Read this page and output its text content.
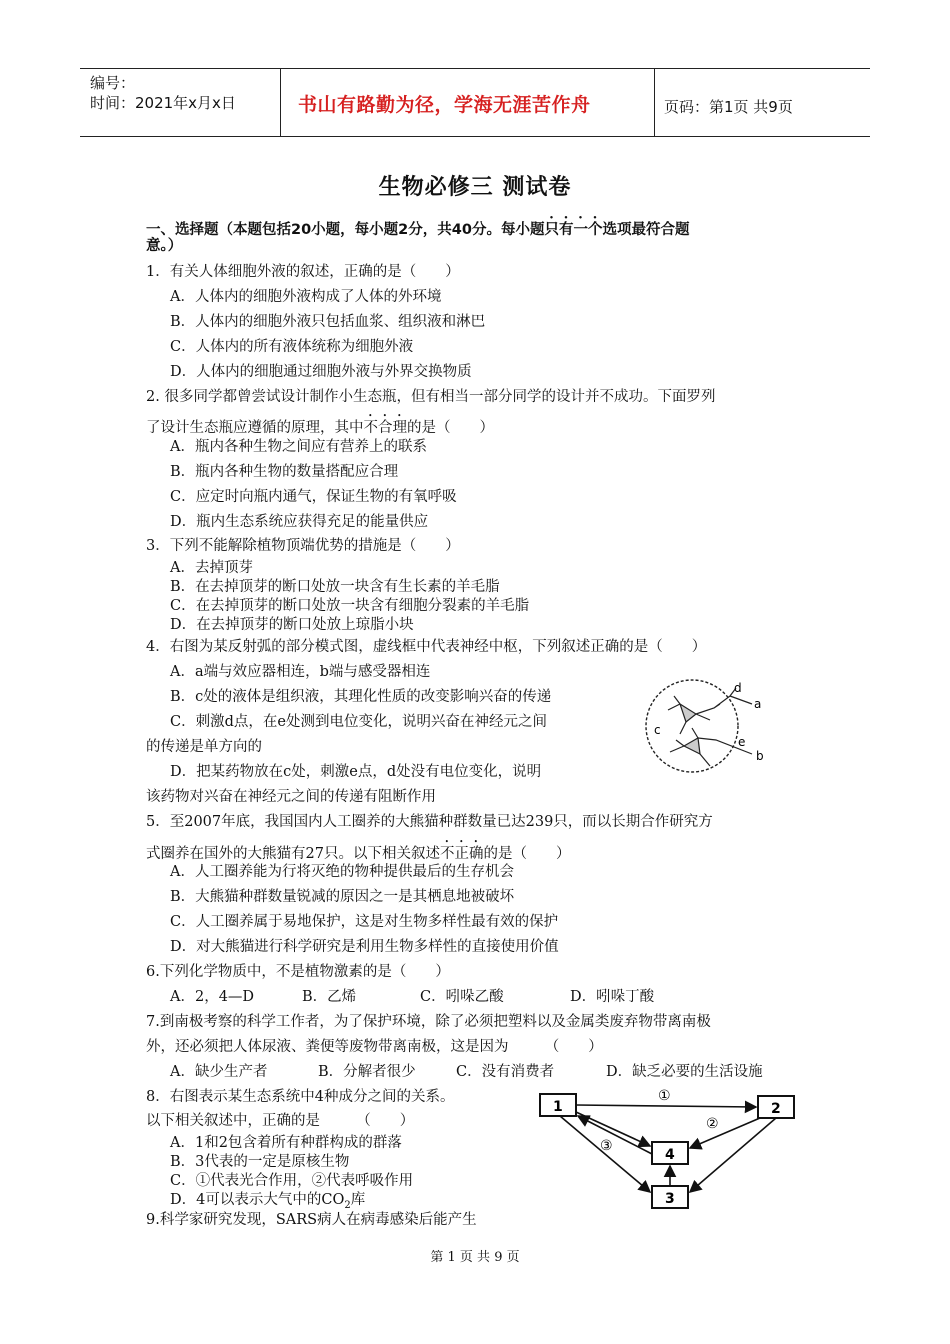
编号：
时间：2021年x月x日	书山有路勤为径，学海无涯苦作舟	页码：第1页 共9页
生物必修三 测试卷
一、选择题（本题包括20小题，每小题2分，共40分。每小题只有一个选项最符合题
意。）
1．有关人体细胞外液的叙述，正确的是（　　）
A．人体内的细胞外液构成了人体的外环境
B．人体内的细胞外液只包括血浆、组织液和淋巴
C．人体内的所有液体统称为细胞外液
D．人体内的细胞通过细胞外液与外界交换物质
2. 很多同学都曾尝试设计制作小生态瓶，但有相当一部分同学的设计并不成功。下面罗列
了设计生态瓶应遵循的原理，其中不合理的是（　　）
A．瓶内各种生物之间应有营养上的联系
B．瓶内各种生物的数量搭配应合理
C．应定时向瓶内通气，保证生物的有氧呼吸
D．瓶内生态系统应获得充足的能量供应
3．下列不能解除植物顶端优势的措施是（　　）
A．去掉顶芽
B．在去掉顶芽的断口处放一块含有生长素的羊毛脂
C．在去掉顶芽的断口处放一块含有细胞分裂素的羊毛脂
D．在去掉顶芽的断口处放上琼脂小块
4．右图为某反射弧的部分模式图，虚线框中代表神经中枢，下列叙述正确的是（　　）
A．a端与效应器相连，b端与感受器相连
B．c处的液体是组织液，其理化性质的改变影响兴奋的传递
C．刺激d点，在e处测到电位变化，说明兴奋在神经元之间
的传递是单方向的
D．把某药物放在c处，刺激e点，d处没有电位变化，说明
该药物对兴奋在神经元之间的传递有阻断作用
d
a
c
e
b
5．至2007年底，我国国内人工圈养的大熊猫种群数量已达239只，而以长期合作研究方
式圈养在国外的大熊猫有27只。以下相关叙述不正确的是（　　）
A．人工圈养能为行将灭绝的物种提供最后的生存机会
B．大熊猫种群数量锐减的原因之一是其栖息地被破坏
C．人工圈养属于易地保护，这是对生物多样性最有效的保护
D．对大熊猫进行科学研究是利用生物多样性的直接使用价值
6.下列化学物质中，不是植物激素的是（　　）
A．2，4—D	B．乙烯	C．吲哚乙酸	D．吲哚丁酸
7.到南极考察的科学工作者，为了保护环境，除了必须把塑料以及金属类废弃物带离南极
外，还必须把人体尿液、粪便等废物带离南极，这是因为　　　（　　）
A．缺少生产者	B．分解者很少	C．没有消费者	D．缺乏必要的生活设施
8．右图表示某生态系统中4种成分之间的关系。
以下相关叙述中，正确的是　　　（　　）
A．1和2包含着所有种群构成的群落
B．3代表的一定是原核生物
C．①代表光合作用，②代表呼吸作用
D．4可以表示大气中的$CO_2$库
1	2
4
3
①
②
③
9.科学家研究发现，SARS病人在病毒感染后能产生
第 1 页 共 9 页
